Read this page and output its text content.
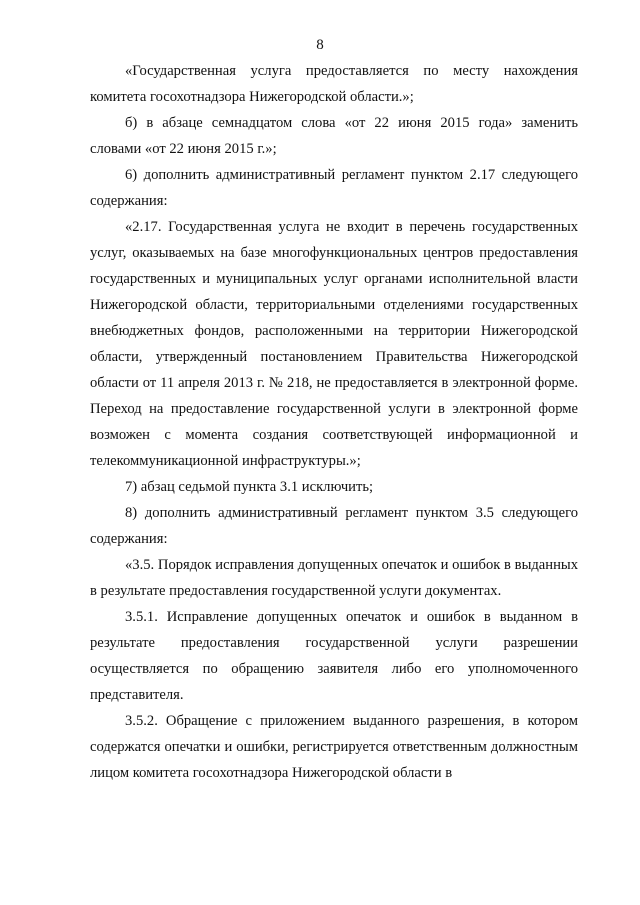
8

«Государственная услуга предоставляется по месту нахождения комитета госохотнадзора Нижегородской области.»;

б) в абзаце семнадцатом слова «от 22 июня 2015 года» заменить словами «от 22 июня 2015 г.»;

6) дополнить административный регламент пунктом 2.17 следующего содержания:

«2.17. Государственная услуга не входит в перечень государственных услуг, оказываемых на базе многофункциональных центров предоставления государственных и муниципальных услуг органами исполнительной власти Нижегородской области, территориальными отделениями государственных внебюджетных фондов, расположенными на территории Нижегородской области, утвержденный постановлением Правительства Нижегородской области от 11 апреля 2013 г. № 218, не предоставляется в электронной форме. Переход на предоставление государственной услуги в электронной форме возможен с момента создания соответствующей информационной и телекоммуникационной инфраструктуры.»;

7) абзац седьмой пункта 3.1 исключить;

8) дополнить административный регламент пунктом 3.5 следующего содержания:

«3.5. Порядок исправления допущенных опечаток и ошибок в выданных в результате предоставления государственной услуги документах.

3.5.1. Исправление допущенных опечаток и ошибок в выданном в результате предоставления государственной услуги разрешении осуществляется по обращению заявителя либо его уполномоченного представителя.

3.5.2. Обращение с приложением выданного разрешения, в котором содержатся опечатки и ошибки, регистрируется ответственным должностным лицом комитета госохотнадзора Нижегородской области в
